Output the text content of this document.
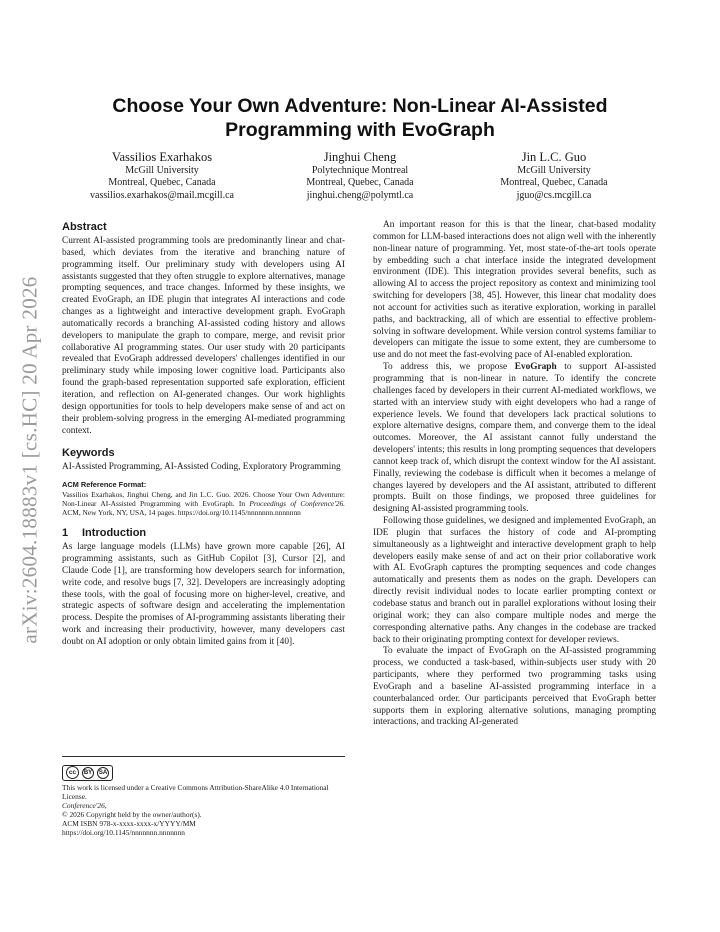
arXiv:2604.18883v1 [cs.HC] 20 Apr 2026
Choose Your Own Adventure: Non-Linear AI-Assisted
Programming with EvoGraph
Vassilios Exarhakos
McGill University
Montreal, Quebec, Canada
vassilios.exarhakos@mail.mcgill.ca
Jinghui Cheng
Polytechnique Montreal
Montreal, Quebec, Canada
jinghui.cheng@polymtl.ca
Jin L.C. Guo
McGill University
Montreal, Quebec, Canada
jguo@cs.mcgill.ca
Abstract

Current AI-assisted programming tools are predominantly linear and chat-based, which deviates from the iterative and branching nature of programming itself. Our preliminary study with developers using AI assistants suggested that they often struggle to explore alternatives, manage prompting sequences, and trace changes. Informed by these insights, we created EvoGraph, an IDE plugin that integrates AI interactions and code changes as a lightweight and interactive development graph. EvoGraph automatically records a branching AI-assisted coding history and allows developers to manipulate the graph to compare, merge, and revisit prior collaborative AI programming states. Our user study with 20 participants revealed that EvoGraph addressed developers' challenges identified in our preliminary study while imposing lower cognitive load. Participants also found the graph-based representation supported safe exploration, efficient iteration, and reflection on AI-generated changes. Our work highlights design opportunities for tools to help developers make sense of and act on their problem-solving progress in the emerging AI-mediated programming context.

Keywords

AI-Assisted Programming, AI-Assisted Coding, Exploratory Programming

ACM Reference Format:
Vassilios Exarhakos, Jinghui Cheng, and Jin L.C. Guo. 2026. Choose Your Own Adventure: Non-Linear AI-Assisted Programming with EvoGraph. In Proceedings of Conference'26. ACM, New York, NY, USA, 14 pages. https://doi.org/10.1145/nnnnnnn.nnnnnnn
1 Introduction

As large language models (LLMs) have grown more capable [26], AI programming assistants, such as GitHub Copilot [3], Cursor [2], and Claude Code [1], are transforming how developers search for information, write code, and resolve bugs [7, 32]. Developers are increasingly adopting these tools, with the goal of focusing more on higher-level, creative, and strategic aspects of software design and accelerating the implementation process. Despite the promises of AI-programming assistants liberating their work and increasing their productivity, however, many developers cast doubt on AI adoption or only obtain limited gains from it [40].

cc	BY	SA
This work is licensed under a Creative Commons Attribution-ShareAlike 4.0 International License.
Conference'26,
© 2026 Copyright held by the owner/author(s).
ACM ISBN 978-x-xxxx-xxxx-x/YYYY/MM
https://doi.org/10.1145/nnnnnnn.nnnnnnn

An important reason for this is that the linear, chat-based modality common for LLM-based interactions does not align well with the inherently non-linear nature of programming. Yet, most state-of-the-art tools operate by embedding such a chat interface inside the integrated development environment (IDE). This integration provides several benefits, such as allowing AI to access the project repository as context and minimizing tool switching for developers [38, 45]. However, this linear chat modality does not account for activities such as iterative exploration, working in parallel paths, and backtracking, all of which are essential to effective problem-solving in software development. While version control systems familiar to developers can mitigate the issue to some extent, they are cumbersome to use and do not meet the fast-evolving pace of AI-enabled exploration.

To address this, we propose EvoGraph to support AI-assisted programming that is non-linear in nature. To identify the concrete challenges faced by developers in their current AI-mediated workflows, we started with an interview study with eight developers who had a range of experience levels. We found that developers lack practical solutions to explore alternative designs, compare them, and converge them to the ideal outcomes. Moreover, the AI assistant cannot fully understand the developers' intents; this results in long prompting sequences that developers cannot keep track of, which disrupt the context window for the AI assistant. Finally, reviewing the codebase is difficult when it becomes a melange of changes layered by developers and the AI assistant, attributed to different prompts. Built on those findings, we proposed three guidelines for designing AI-assisted programming tools.

Following those guidelines, we designed and implemented EvoGraph, an IDE plugin that surfaces the history of code and AI-prompting simultaneously as a lightweight and interactive development graph to help developers easily make sense of and act on their prior collaborative work with AI. EvoGraph captures the prompting sequences and code changes automatically and presents them as nodes on the graph. Developers can directly revisit individual nodes to locate earlier prompting context or codebase status and branch out in parallel explorations without losing their original work; they can also compare multiple nodes and merge the corresponding alternative paths. Any changes in the codebase are tracked back to their originating prompting context for developer reviews.

To evaluate the impact of EvoGraph on the AI-assisted programming process, we conducted a task-based, within-subjects user study with 20 participants, where they performed two programming tasks using EvoGraph and a baseline AI-assisted programming interface in a counterbalanced order. Our participants perceived that EvoGraph better supports them in exploring alternative solutions, managing prompting interactions, and tracking AI-generated
